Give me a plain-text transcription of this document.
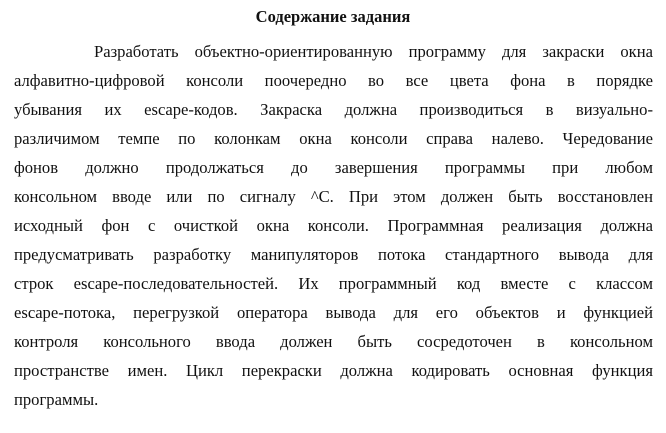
Содержание задания
Разработать объектно-ориентированную программу для закраски окна
алфавитно-цифровой консоли поочередно во все цвета фона в порядке
убывания их escape-кодов. Закраска должна производиться в визуально-
различимом темпе по колонкам окна консоли справа налево. Чередование
фонов должно продолжаться до завершения программы при любом
консольном вводе или по сигналу ^C. При этом должен быть восстановлен
исходный фон с очисткой окна консоли. Программная реализация должна
предусматривать разработку манипуляторов потока стандартного вывода для
строк escape-последовательностей. Их программный код вместе с классом
escape-потока, перегрузкой оператора вывода для его объектов и функцией
контроля консольного ввода должен быть сосредоточен в консольном
пространстве имен. Цикл перекраски должна кодировать основная функция
программы.
